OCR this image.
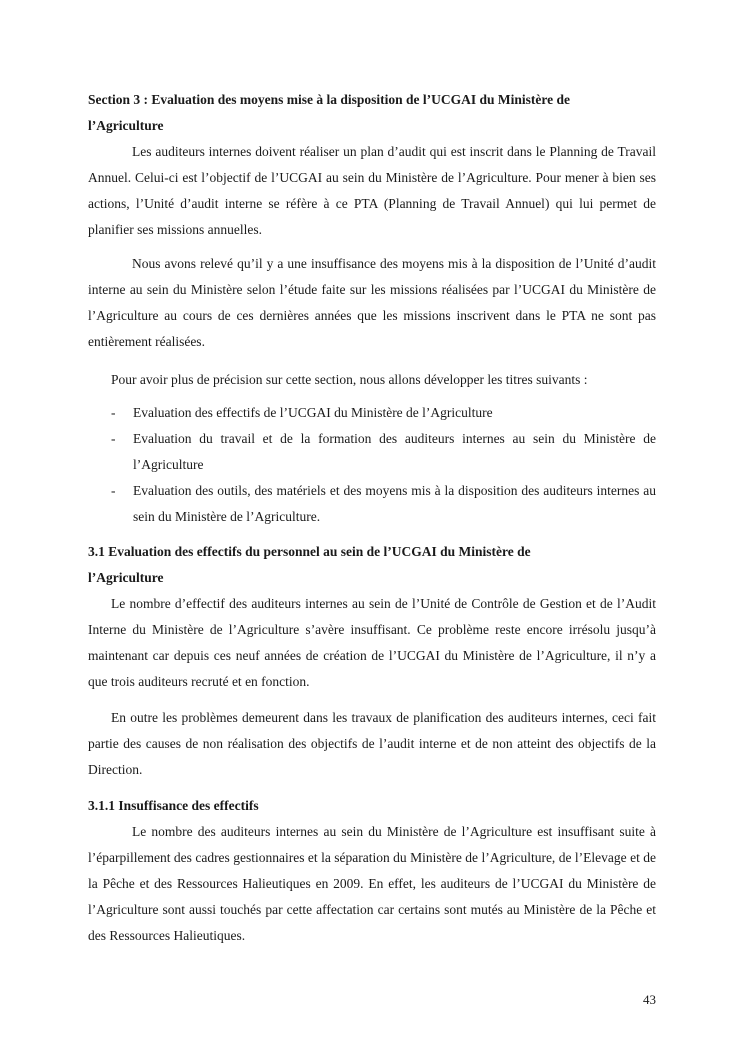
Section 3 : Evaluation des moyens mise à la disposition de l’UCGAI du Ministère de l’Agriculture

Les auditeurs internes doivent réaliser un plan d’audit qui est inscrit dans le Planning de Travail Annuel. Celui-ci est l’objectif de l’UCGAI au sein du Ministère de l’Agriculture. Pour mener à bien ses actions, l’Unité d’audit interne se réfère à ce PTA (Planning de Travail Annuel) qui lui permet de planifier ses missions annuelles.

Nous avons relevé qu’il y a une insuffisance des moyens mis à la disposition de l’Unité d’audit interne au sein du Ministère selon l’étude faite sur les missions réalisées par l’UCGAI du Ministère de l’Agriculture au cours de ces dernières années que les missions inscrivent dans le PTA ne sont pas entièrement réalisées.

Pour avoir plus de précision sur cette section, nous allons développer les titres suivants :

- Evaluation des effectifs de l’UCGAI du Ministère de l’Agriculture
- Evaluation du travail et de la formation des auditeurs internes au sein du Ministère de l’Agriculture
- Evaluation des outils, des matériels et des moyens mis à la disposition des auditeurs internes au sein du Ministère de l’Agriculture.

3.1 Evaluation des effectifs du personnel au sein de l’UCGAI du Ministère de l’Agriculture

Le nombre d’effectif des auditeurs internes au sein de l’Unité de Contrôle de Gestion et de l’Audit Interne du Ministère de l’Agriculture s’avère insuffisant. Ce problème reste encore irrésolu jusqu’à maintenant car depuis ces neuf années de création de l’UCGAI du Ministère de l’Agriculture, il n’y a que trois auditeurs recruté et en fonction.

En outre les problèmes demeurent dans les travaux de planification des auditeurs internes, ceci fait partie des causes de non réalisation des objectifs de l’audit interne et de non atteint des objectifs de la Direction.

3.1.1 Insuffisance des effectifs

Le nombre des auditeurs internes au sein du Ministère de l’Agriculture est insuffisant suite à l’éparpillement des cadres gestionnaires et la séparation du Ministère de l’Agriculture, de l’Elevage et de la Pêche et des Ressources Halieutiques en 2009. En effet, les auditeurs de l’UCGAI du Ministère de l’Agriculture sont aussi touchés par cette affectation car certains sont mutés au Ministère de la Pêche et des Ressources Halieutiques.

43
